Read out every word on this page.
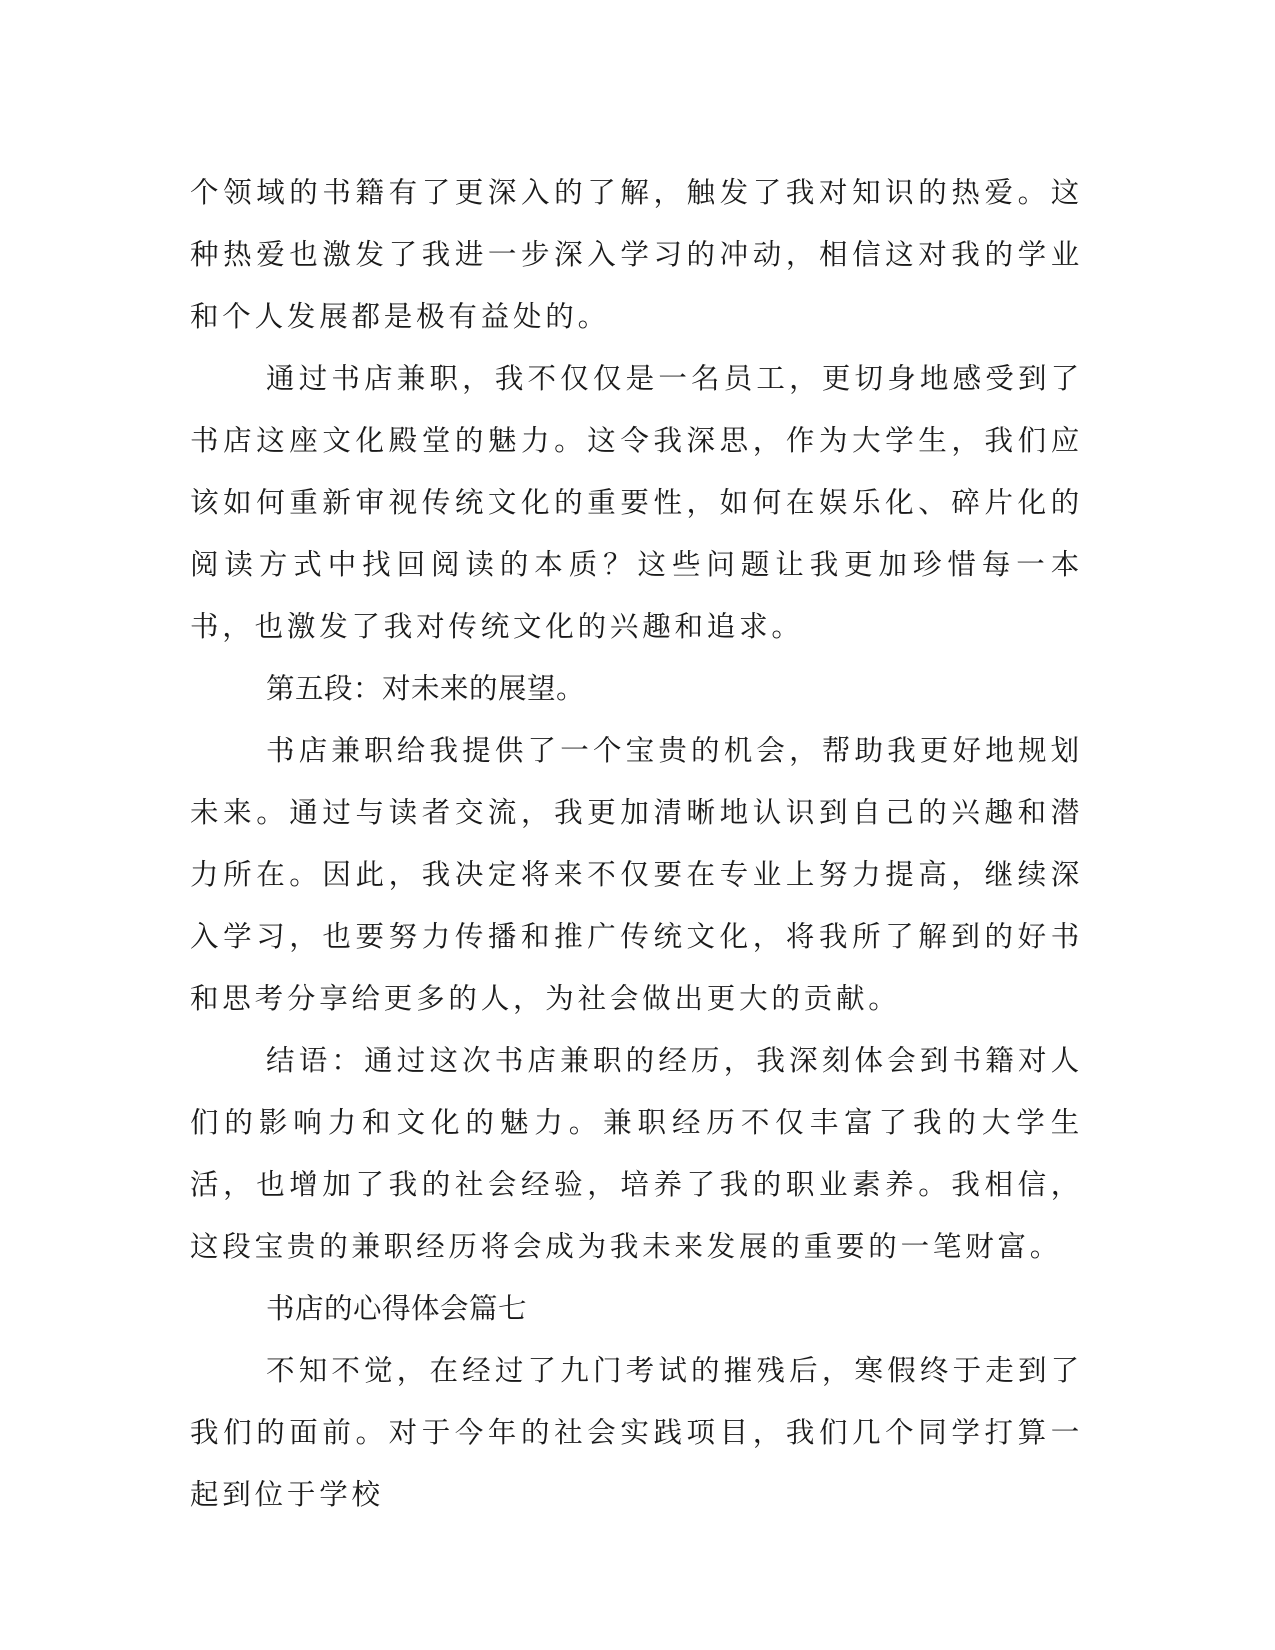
个领域的书籍有了更深入的了解，触发了我对知识的热爱。这种热爱也激发了我进一步深入学习的冲动，相信这对我的学业和个人发展都是极有益处的。

通过书店兼职，我不仅仅是一名员工，更切身地感受到了书店这座文化殿堂的魅力。这令我深思，作为大学生，我们应该如何重新审视传统文化的重要性，如何在娱乐化、碎片化的阅读方式中找回阅读的本质？这些问题让我更加珍惜每一本书，也激发了我对传统文化的兴趣和追求。

第五段：对未来的展望。

书店兼职给我提供了一个宝贵的机会，帮助我更好地规划未来。通过与读者交流，我更加清晰地认识到自己的兴趣和潜力所在。因此，我决定将来不仅要在专业上努力提高，继续深入学习，也要努力传播和推广传统文化，将我所了解到的好书和思考分享给更多的人，为社会做出更大的贡献。

结语：通过这次书店兼职的经历，我深刻体会到书籍对人们的影响力和文化的魅力。兼职经历不仅丰富了我的大学生活，也增加了我的社会经验，培养了我的职业素养。我相信，这段宝贵的兼职经历将会成为我未来发展的重要的一笔财富。

书店的心得体会篇七

不知不觉，在经过了九门考试的摧残后，寒假终于走到了我们的面前。对于今年的社会实践项目，我们几个同学打算一起到位于学校
